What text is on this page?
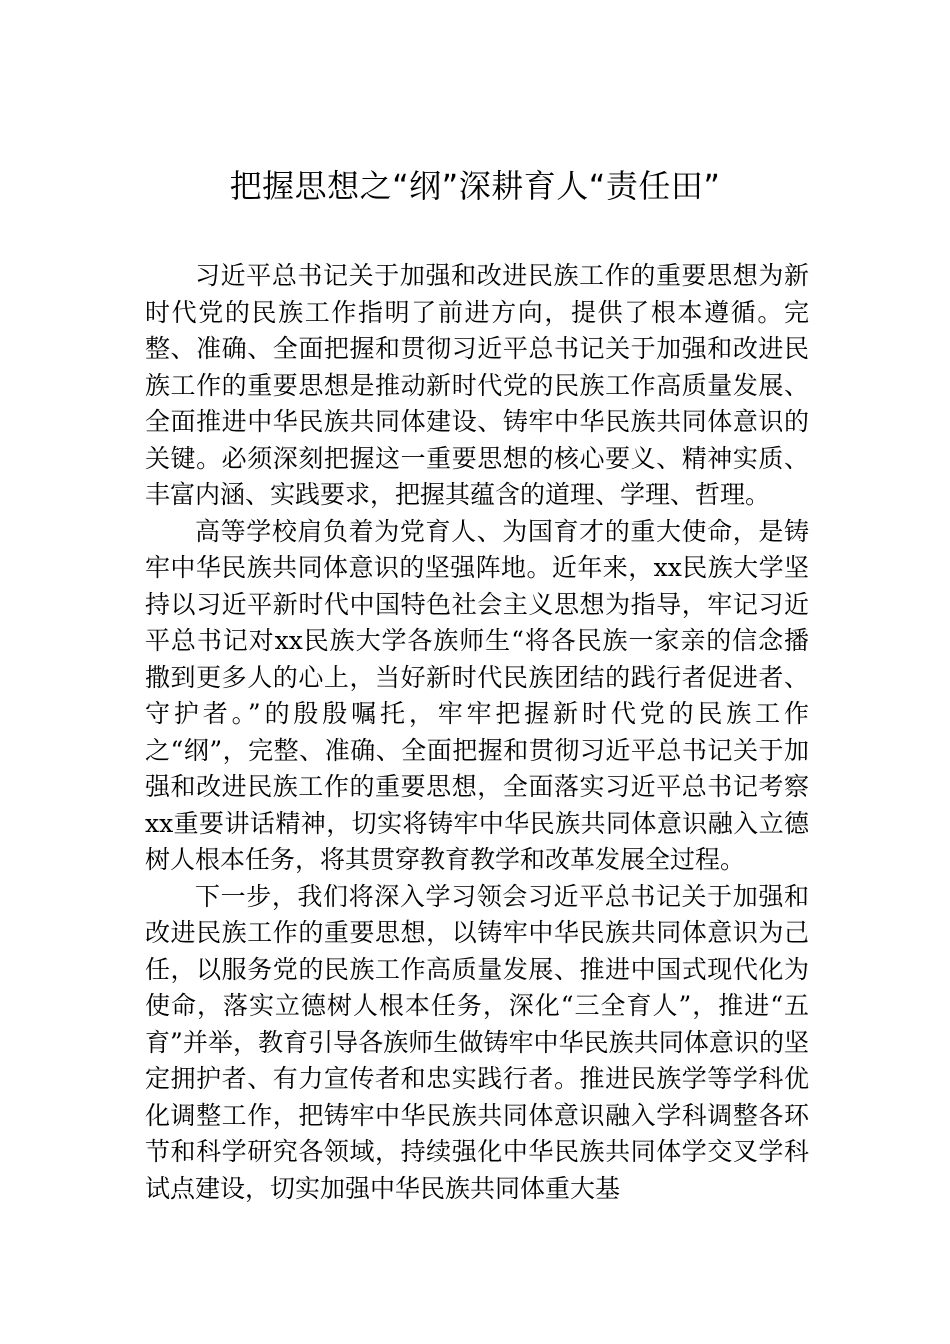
把握思想之“纲”深耕育人“责任田”

习近平总书记关于加强和改进民族工作的重要思想为新时代党的民族工作指明了前进方向，提供了根本遵循。完整、准确、全面把握和贯彻习近平总书记关于加强和改进民族工作的重要思想是推动新时代党的民族工作高质量发展、全面推进中华民族共同体建设、铸牢中华民族共同体意识的关键。必须深刻把握这一重要思想的核心要义、精神实质、丰富内涵、实践要求，把握其蕴含的道理、学理、哲理。

高等学校肩负着为党育人、为国育才的重大使命，是铸牢中华民族共同体意识的坚强阵地。近年来，xx民族大学坚持以习近平新时代中国特色社会主义思想为指导，牢记习近平总书记对xx民族大学各族师生“将各民族一家亲的信念播撒到更多人的心上，当好新时代民族团结的践行者促进者、守护者。”的殷殷嘱托，牢牢把握新时代党的民族工作之“纲”，完整、准确、全面把握和贯彻习近平总书记关于加强和改进民族工作的重要思想，全面落实习近平总书记考察xx重要讲话精神，切实将铸牢中华民族共同体意识融入立德树人根本任务，将其贯穿教育教学和改革发展全过程。

下一步，我们将深入学习领会习近平总书记关于加强和改进民族工作的重要思想，以铸牢中华民族共同体意识为己任，以服务党的民族工作高质量发展、推进中国式现代化为使命，落实立德树人根本任务，深化“三全育人”，推进“五育”并举，教育引导各族师生做铸牢中华民族共同体意识的坚定拥护者、有力宣传者和忠实践行者。推进民族学等学科优化调整工作，把铸牢中华民族共同体意识融入学科调整各环节和科学研究各领域，持续强化中华民族共同体学交叉学科试点建设，切实加强中华民族共同体重大基
